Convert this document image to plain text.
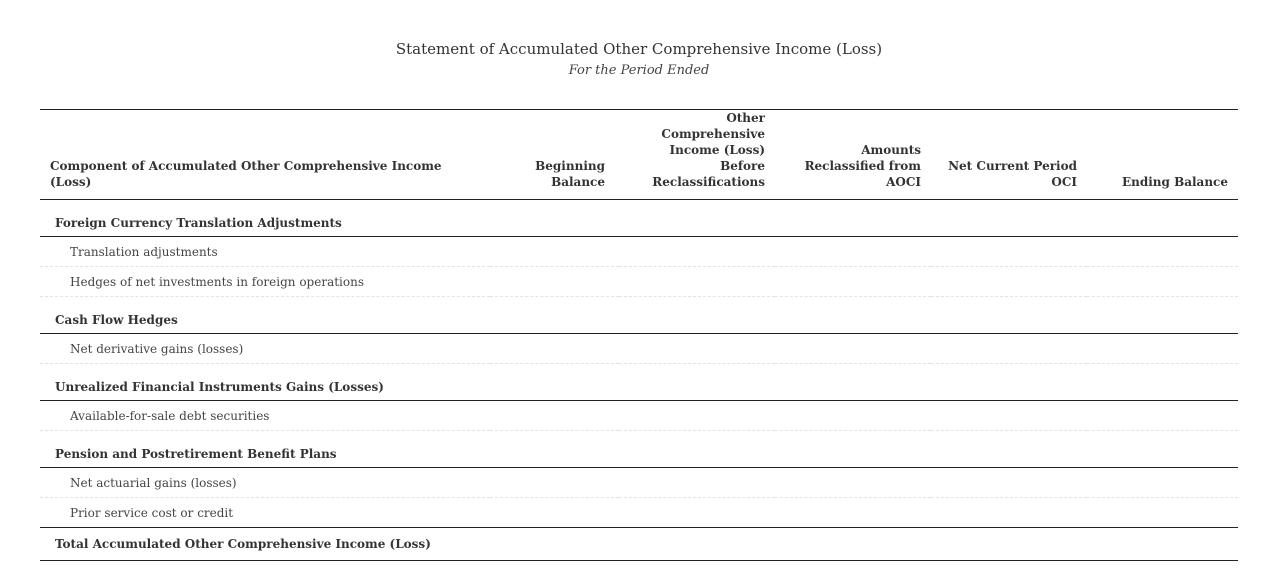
Statement of Accumulated Other Comprehensive Income (Loss)
For the Period Ended
Component of Accumulated Other Comprehensive Income (Loss)	Beginning Balance	Other Comprehensive Income (Loss) Before Reclassifications	Amounts Reclassified from AOCI	Net Current Period OCI	Ending Balance
Foreign Currency Translation Adjustments					
Translation adjustments					
Hedges of net investments in foreign operations					
Cash Flow Hedges					
Net derivative gains (losses)					
Unrealized Financial Instruments Gains (Losses)					
Available-for-sale debt securities					
Pension and Postretirement Benefit Plans					
Net actuarial gains (losses)					
Prior service cost or credit					
Total Accumulated Other Comprehensive Income (Loss)					
